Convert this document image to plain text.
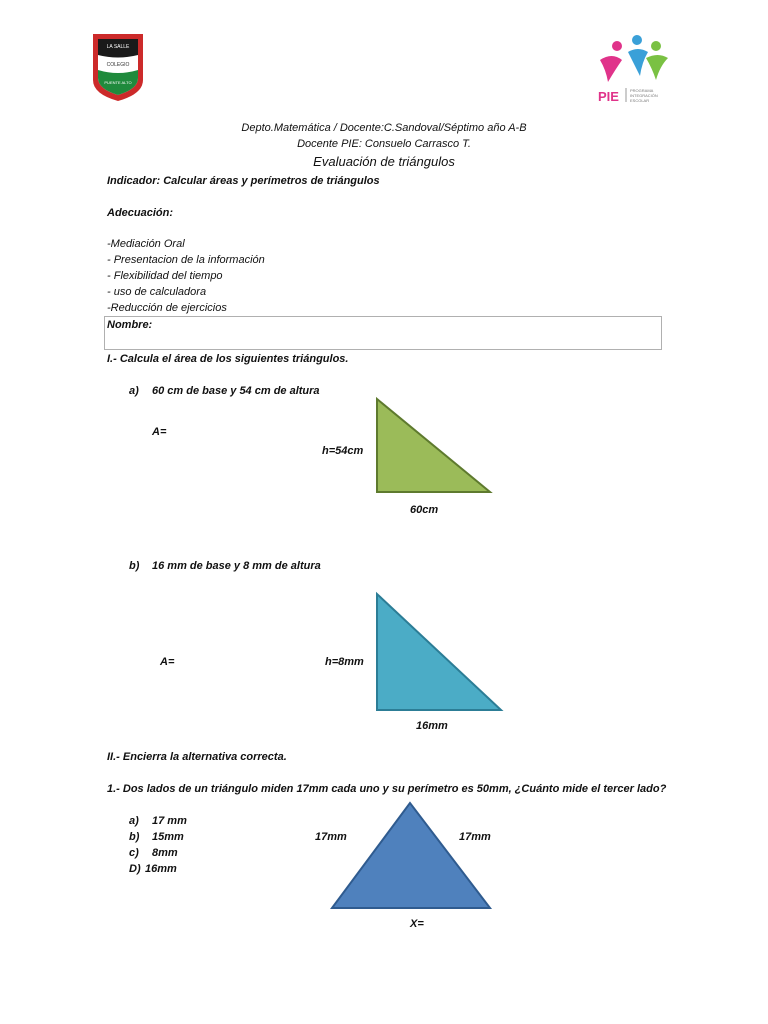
LA SALLE
COLEGIO
PUENTE ALTO
PIE	PROGRAMA
INTEGRACIÓN
ESCOLAR
Depto.Matemática / Docente:C.Sandoval/Séptimo año A-B
Docente PIE: Consuelo Carrasco T.
Evaluación de triángulos
Indicador: Calcular áreas y perímetros de triángulos
Adecuación:
-Mediación Oral
- Presentacion de la información
- Flexibilidad del tiempo
- uso de calculadora
-Reducción de ejercicios
Nombre:
I.- Calcula el área de los siguientes triángulos.
a) 60 cm de base y 54 cm de altura
A=
h=54cm
60cm
b) 16 mm de base y 8 mm de altura
A=	h=8mm
16mm
II.- Encierra la alternativa correcta.
1.- Dos lados de un triángulo miden 17mm cada uno y su perímetro es 50mm, ¿Cuánto mide el tercer lado?
a) 17 mm
b) 15mm
c) 8mm
D) 16mm
17mm	17mm
X=
